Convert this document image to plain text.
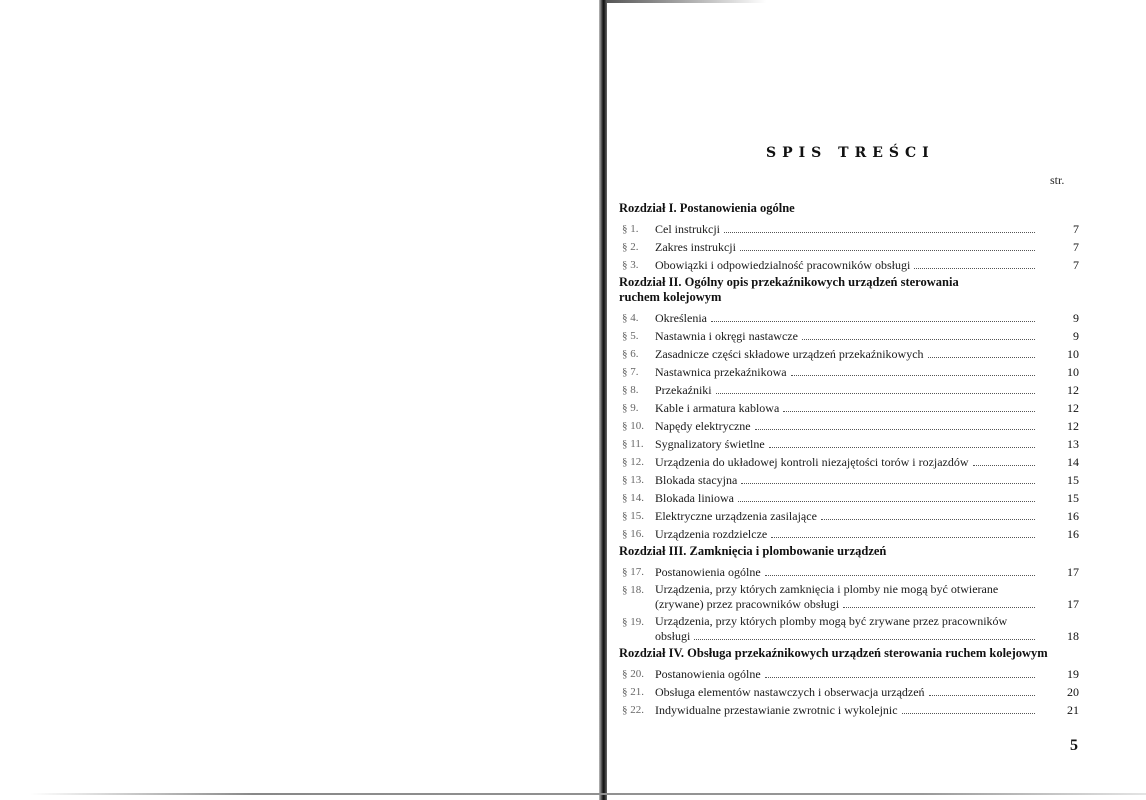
SPIS TREŚCI
str.
Rozdział I. Postanowienia ogólne
§ 1.	Cel instrukcji	7
§ 2.	Zakres instrukcji	7
§ 3.	Obowiązki i odpowiedzialność pracowników obsługi	7
Rozdział II. Ogólny opis przekaźnikowych urządzeń sterowania
ruchem kolejowym
§ 4.	Określenia	9
§ 5.	Nastawnia i okręgi nastawcze	9
§ 6.	Zasadnicze części składowe urządzeń przekaźnikowych	10
§ 7.	Nastawnica przekaźnikowa	10
§ 8.	Przekaźniki	12
§ 9.	Kable i armatura kablowa	12
§ 10. Napędy elektryczne	12
§ 11. Sygnalizatory świetlne	13
§ 12. Urządzenia do układowej kontroli niezajętości torów i rozjazdów	14
§ 13. Blokada stacyjna	15
§ 14. Blokada liniowa	15
§ 15. Elektryczne urządzenia zasilające	16
§ 16. Urządzenia rozdzielcze	16
Rozdział III. Zamknięcia i plombowanie urządzeń
§ 17. Postanowienia ogólne	17
§ 18. Urządzenia, przy których zamknięcia i plomby nie mogą być otwierane
(zrywane) przez pracowników obsługi	17
§ 19. Urządzenia, przy których plomby mogą być zrywane przez pracowników
obsługi	18
Rozdział IV. Obsługa przekaźnikowych urządzeń sterowania ruchem kolejowym
§ 20. Postanowienia ogólne	19
§ 21. Obsługa elementów nastawczych i obserwacja urządzeń	20
§ 22. Indywidualne przestawianie zwrotnic i wykolejnic	21
5
